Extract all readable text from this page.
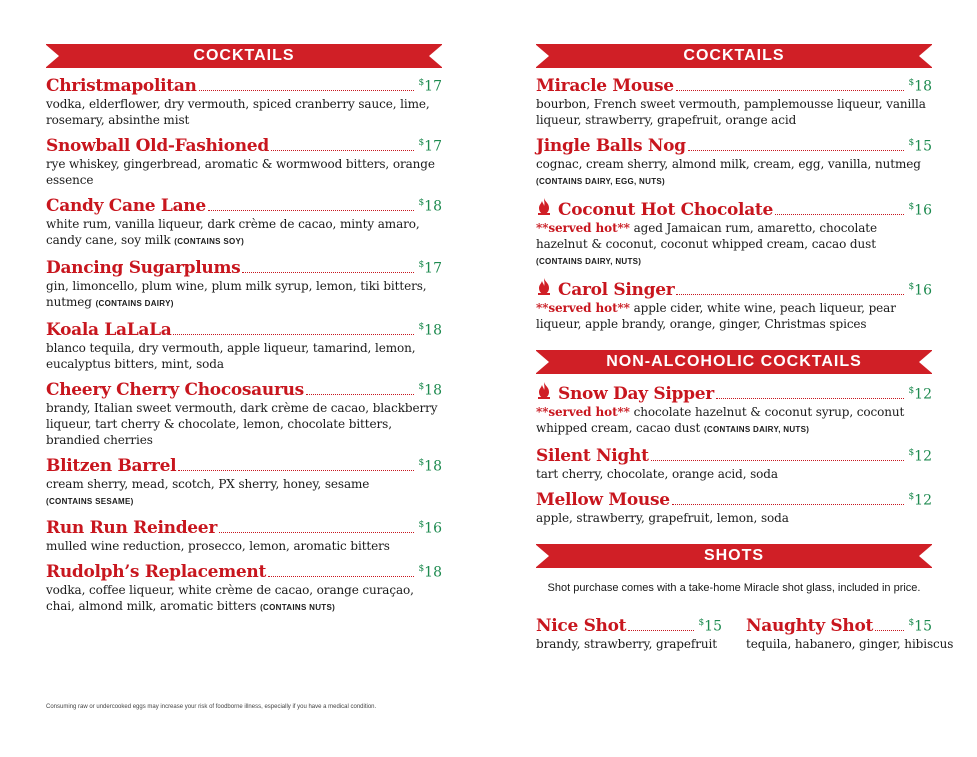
COCKTAILS
Christmapolitan	$17
vodka, elderflower, dry vermouth, spiced cranberry sauce, lime, rosemary, absinthe mist
Snowball Old-Fashioned	$17
rye whiskey, gingerbread, aromatic & wormwood bitters, orange essence
Candy Cane Lane	$18
white rum, vanilla liqueur, dark crème de cacao, minty amaro, candy cane, soy milk (CONTAINS SOY)
Dancing Sugarplums	$17
gin, limoncello, plum wine, plum milk syrup, lemon, tiki bitters, nutmeg (CONTAINS DAIRY)
Koala LaLaLa	$18
blanco tequila, dry vermouth, apple liqueur, tamarind, lemon, eucalyptus bitters, mint, soda
Cheery Cherry Chocosaurus	$18
brandy, Italian sweet vermouth, dark crème de cacao, blackberry liqueur, tart cherry & chocolate, lemon, chocolate bitters, brandied cherries
Blitzen Barrel	$18
cream sherry, mead, scotch, PX sherry, honey, sesame (CONTAINS SESAME)
Run Run Reindeer	$16
mulled wine reduction, prosecco, lemon, aromatic bitters
Rudolph’s Replacement	$18
vodka, coffee liqueur, white crème de cacao, orange curaçao, chai, almond milk, aromatic bitters (CONTAINS NUTS)
COCKTAILS
Miracle Mouse	$18
bourbon, French sweet vermouth, pamplemousse liqueur, vanilla liqueur, strawberry, grapefruit, orange acid
Jingle Balls Nog	$15
cognac, cream sherry, almond milk, cream, egg, vanilla, nutmeg (CONTAINS DAIRY, EGG, NUTS)
Coconut Hot Chocolate	$16
**served hot** aged Jamaican rum, amaretto, chocolate hazelnut & coconut, coconut whipped cream, cacao dust (CONTAINS DAIRY, NUTS)
Carol Singer	$16
**served hot** apple cider, white wine, peach liqueur, pear liqueur, apple brandy, orange, ginger, Christmas spices
NON-ALCOHOLIC COCKTAILS
Snow Day Sipper	$12
**served hot** chocolate hazelnut & coconut syrup, coconut whipped cream, cacao dust (CONTAINS DAIRY, NUTS)
Silent Night	$12
tart cherry, chocolate, orange acid, soda
Mellow Mouse	$12
apple, strawberry, grapefruit, lemon, soda
SHOTS
Shot purchase comes with a take-home Miracle shot glass, included in price.
Nice Shot	$15
brandy, strawberry, grapefruit
Naughty Shot	$15
tequila, habanero, ginger, hibiscus
Consuming raw or undercooked eggs may increase your risk of foodborne illness, especially if you have a medical condition.
